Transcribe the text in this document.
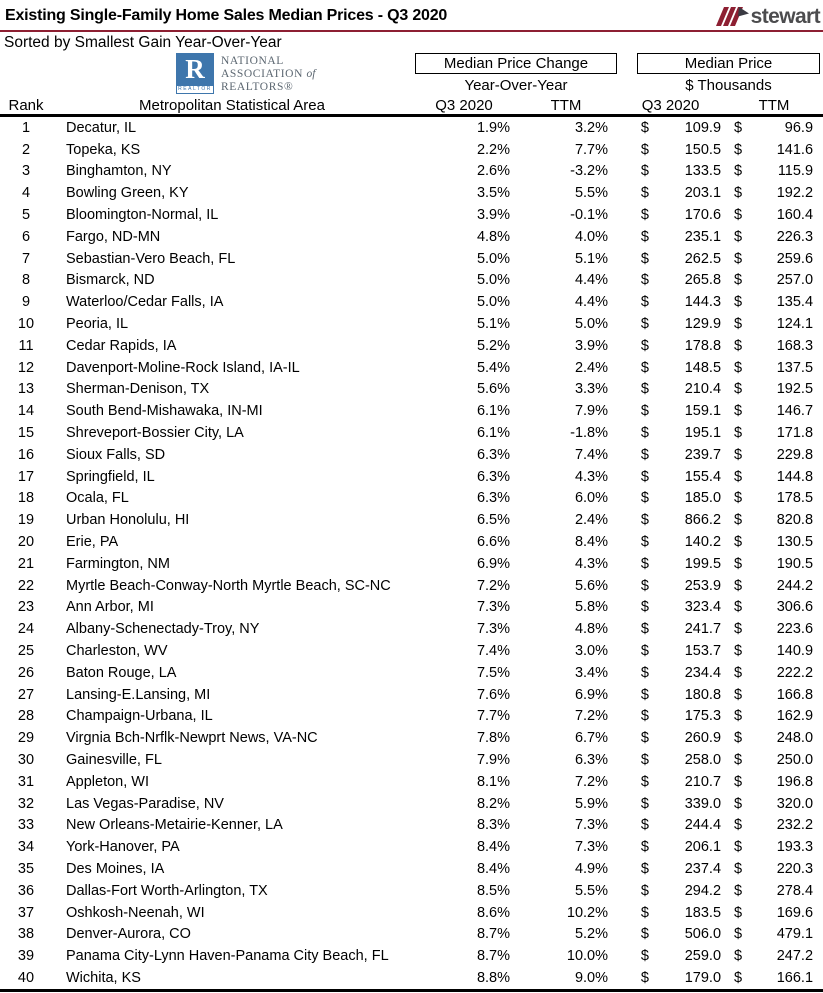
Existing Single-Family Home Sales Median Prices - Q3 2020	stewart
Sorted by Smallest Gain Year-Over-Year
R
REALTOR
NATIONAL
ASSOCIATION of
REALTORS®
Median Price Change	Median Price
Year-Over-Year	$ Thousands
Rank	Metropolitan Statistical Area	Q3 2020	TTM	Q3 2020		TTM	
1	Decatur, IL	1.9%	3.2%	$	109.9	$	96.9
2	Topeka, KS	2.2%	7.7%	$	150.5	$	141.6
3	Binghamton, NY	2.6%	-3.2%	$	133.5	$	115.9
4	Bowling Green, KY	3.5%	5.5%	$	203.1	$	192.2
5	Bloomington-Normal, IL	3.9%	-0.1%	$	170.6	$	160.4
6	Fargo, ND-MN	4.8%	4.0%	$	235.1	$	226.3
7	Sebastian-Vero Beach, FL	5.0%	5.1%	$	262.5	$	259.6
8	Bismarck, ND	5.0%	4.4%	$	265.8	$	257.0
9	Waterloo/Cedar Falls, IA	5.0%	4.4%	$	144.3	$	135.4
10	Peoria, IL	5.1%	5.0%	$	129.9	$	124.1
11	Cedar Rapids, IA	5.2%	3.9%	$	178.8	$	168.3
12	Davenport-Moline-Rock Island, IA-IL	5.4%	2.4%	$	148.5	$	137.5
13	Sherman-Denison, TX	5.6%	3.3%	$	210.4	$	192.5
14	South Bend-Mishawaka, IN-MI	6.1%	7.9%	$	159.1	$	146.7
15	Shreveport-Bossier City, LA	6.1%	-1.8%	$	195.1	$	171.8
16	Sioux Falls, SD	6.3%	7.4%	$	239.7	$	229.8
17	Springfield, IL	6.3%	4.3%	$	155.4	$	144.8
18	Ocala, FL	6.3%	6.0%	$	185.0	$	178.5
19	Urban Honolulu, HI	6.5%	2.4%	$	866.2	$	820.8
20	Erie, PA	6.6%	8.4%	$	140.2	$	130.5
21	Farmington, NM	6.9%	4.3%	$	199.5	$	190.5
22	Myrtle Beach-Conway-North Myrtle Beach, SC-NC	7.2%	5.6%	$	253.9	$	244.2
23	Ann Arbor, MI	7.3%	5.8%	$	323.4	$	306.6
24	Albany-Schenectady-Troy, NY	7.3%	4.8%	$	241.7	$	223.6
25	Charleston, WV	7.4%	3.0%	$	153.7	$	140.9
26	Baton Rouge, LA	7.5%	3.4%	$	234.4	$	222.2
27	Lansing-E.Lansing, MI	7.6%	6.9%	$	180.8	$	166.8
28	Champaign-Urbana, IL	7.7%	7.2%	$	175.3	$	162.9
29	Virgnia Bch-Nrflk-Newprt News, VA-NC	7.8%	6.7%	$	260.9	$	248.0
30	Gainesville, FL	7.9%	6.3%	$	258.0	$	250.0
31	Appleton, WI	8.1%	7.2%	$	210.7	$	196.8
32	Las Vegas-Paradise, NV	8.2%	5.9%	$	339.0	$	320.0
33	New Orleans-Metairie-Kenner, LA	8.3%	7.3%	$	244.4	$	232.2
34	York-Hanover, PA	8.4%	7.3%	$	206.1	$	193.3
35	Des Moines, IA	8.4%	4.9%	$	237.4	$	220.3
36	Dallas-Fort Worth-Arlington, TX	8.5%	5.5%	$	294.2	$	278.4
37	Oshkosh-Neenah, WI	8.6%	10.2%	$	183.5	$	169.6
38	Denver-Aurora, CO	8.7%	5.2%	$	506.0	$	479.1
39	Panama City-Lynn Haven-Panama City Beach, FL	8.7%	10.0%	$	259.0	$	247.2
40	Wichita, KS	8.8%	9.0%	$	179.0	$	166.1
